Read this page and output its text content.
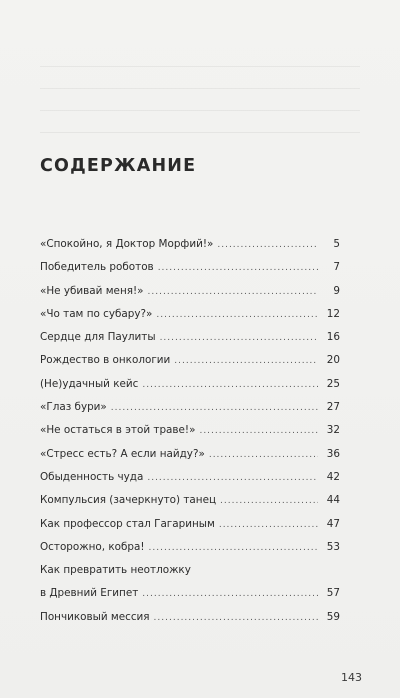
СОДЕРЖАНИЕ
«Спокойно, я Доктор Морфий!» .....	5
Победитель роботов .....	7
«Не убивай меня!» .....	9
«Чо там по субару?» .....	12
Сердце для Паулиты .....	16
Рождество в онкологии .....	20
(Не)удачный кейс .....	25
«Глаз бури» .....	27
«Не остаться в этой траве!» .....	32
«Стресс есть? А если найду?» .....	36
Обыденность чуда .....	42
Компульсия (зачеркнуто) танец .....	44
Как профессор стал Гагариным .....	47
Осторожно, кобра! .....	53
Как превратить неотложку
в Древний Египет .....	57
Пончиковый мессия .....	59
143
